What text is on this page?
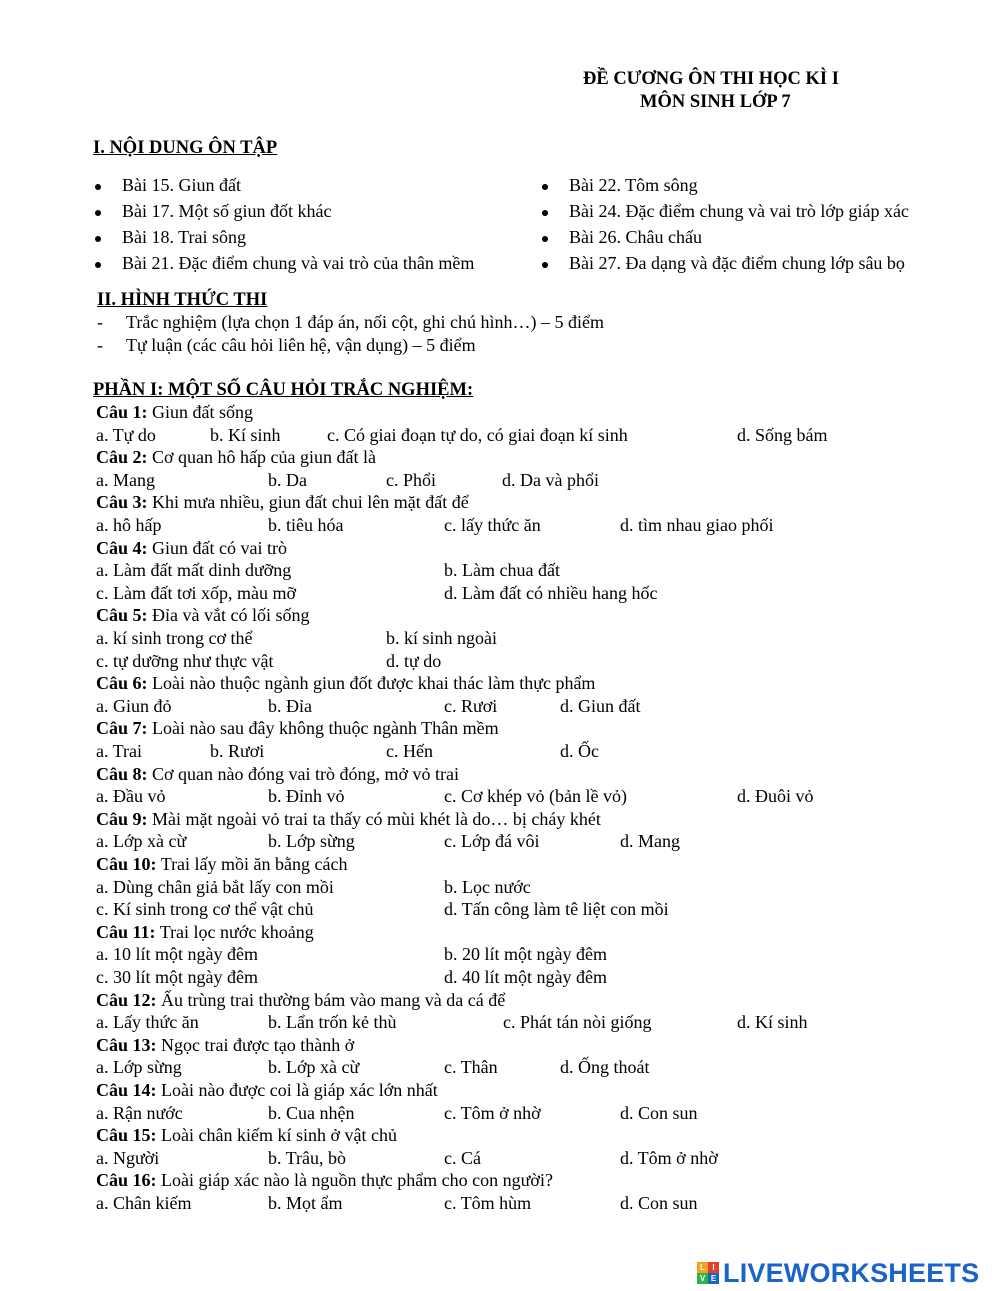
ĐỀ CƯƠNG ÔN THI HỌC KÌ I
MÔN SINH LỚP 7
I. NỘI DUNG ÔN TẬP
Bài 15. Giun đất
Bài 17. Một số giun đốt khác
Bài 18. Trai sông
Bài 21. Đặc điểm chung và vai trò của thân mềm
Bài 22. Tôm sông
Bài 24. Đặc điểm chung và vai trò lớp giáp xác
Bài 26. Châu chấu
Bài 27. Đa dạng và đặc điểm chung lớp sâu bọ
II. HÌNH THỨC THI
- Trắc nghiệm (lựa chọn 1 đáp án, nối cột, ghi chú hình…) – 5 điểm
- Tự luận (các câu hỏi liên hệ, vận dụng) – 5 điểm
PHẦN I: MỘT SỐ CÂU HỎI TRẮC NGHIỆM:
Câu 1: Giun đất sống
a. Tự do	b. Kí sinh	c. Có giai đoạn tự do, có giai đoạn kí sinh	d. Sống bám
Câu 2: Cơ quan hô hấp của giun đất là
a. Mang	b. Da	c. Phổi	d. Da và phổi
Câu 3: Khi mưa nhiều, giun đất chui lên mặt đất để
a. hô hấp	b. tiêu hóa	c. lấy thức ăn	d. tìm nhau giao phối
Câu 4: Giun đất có vai trò
a. Làm đất mất dinh dưỡng	b. Làm chua đất
c. Làm đất tơi xốp, màu mỡ	d. Làm đất có nhiều hang hốc
Câu 5: Đỉa và vắt có lối sống
a. kí sinh trong cơ thể	b. kí sinh ngoài
c. tự dưỡng như thực vật	d. tự do
Câu 6: Loài nào thuộc ngành giun đốt được khai thác làm thực phẩm
a. Giun đỏ	b. Đỉa	c. Rươi	d. Giun đất
Câu 7: Loài nào sau đây không thuộc ngành Thân mềm
a. Trai	b. Rươi	c. Hến	d. Ốc
Câu 8: Cơ quan nào đóng vai trò đóng, mở vỏ trai
a. Đầu vỏ	b. Đỉnh vỏ	c. Cơ khép vỏ (bản lề vỏ)	d. Đuôi vỏ
Câu 9: Mài mặt ngoài vỏ trai ta thấy có mùi khét là do… bị cháy khét
a. Lớp xà cừ	b. Lớp sừng	c. Lớp đá vôi	d. Mang
Câu 10: Trai lấy mồi ăn bằng cách
a. Dùng chân giả bắt lấy con mồi	b. Lọc nước
c. Kí sinh trong cơ thể vật chủ	d. Tấn công làm tê liệt con mồi
Câu 11: Trai lọc nước khoảng
a. 10 lít một ngày đêm	b. 20 lít một ngày đêm
c. 30 lít một ngày đêm	d. 40 lít một ngày đêm
Câu 12: Ấu trùng trai thường bám vào mang và da cá để
a. Lấy thức ăn	b. Lẩn trốn kẻ thù	c. Phát tán nòi giống	d. Kí sinh
Câu 13: Ngọc trai được tạo thành ở
a. Lớp sừng	b. Lớp xà cừ	c. Thân	d. Ống thoát
Câu 14: Loài nào được coi là giáp xác lớn nhất
a. Rận nước	b. Cua nhện	c. Tôm ở nhờ	d. Con sun
Câu 15: Loài chân kiếm kí sinh ở vật chủ
a. Người	b. Trâu, bò	c. Cá	d. Tôm ở nhờ
Câu 16: Loài giáp xác nào là nguồn thực phẩm cho con người?
a. Chân kiếm	b. Mọt ẩm	c. Tôm hùm	d. Con sun
L I
V E LIVEWORKSHEETS
